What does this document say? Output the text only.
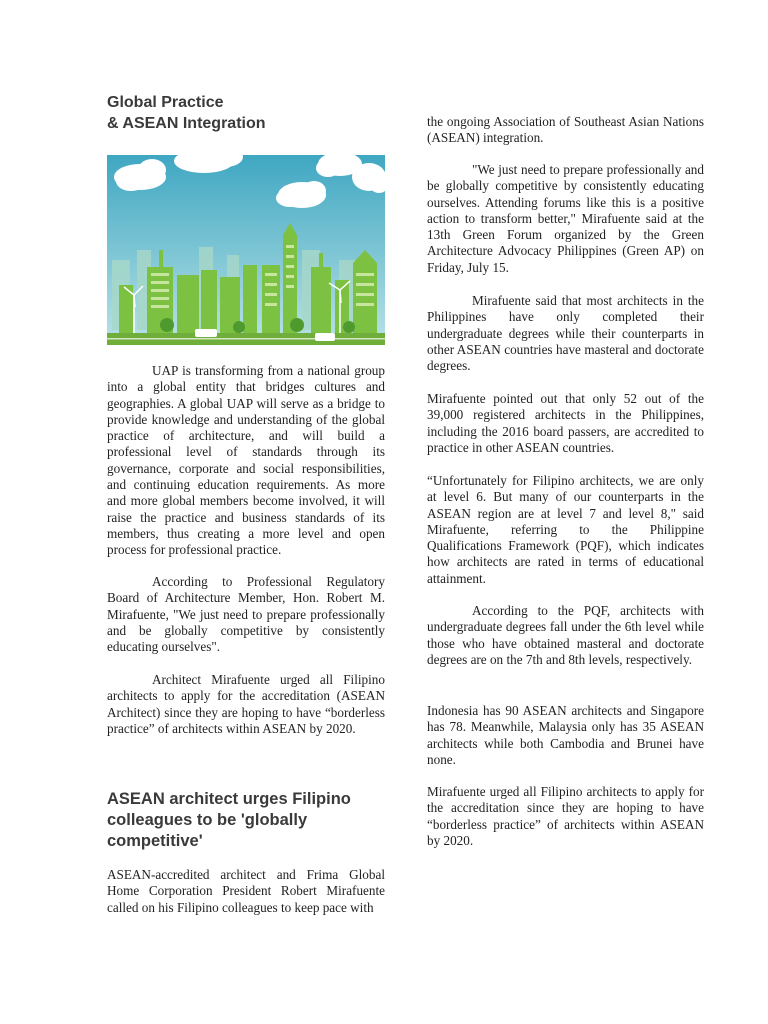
Global Practice
& ASEAN Integration

UAP is transforming from a national group into a global entity that bridges cultures and geographies. A global UAP will serve as a bridge to provide knowledge and understanding of the global practice of architecture, and will build a professional level of standards through its governance, corporate and social responsibilities, and continuing education requirements. As more and more global members become involved, it will raise the practice and business standards of its members, thus creating a more level and open process for professional practice.

According to Professional Regulatory Board of Architecture Member, Hon. Robert M. Mirafuente, "We just need to prepare professionally and be globally competitive by consistently educating ourselves".

Architect Mirafuente urged all Filipino architects to apply for the accreditation (ASEAN Architect) since they are hoping to have “borderless practice” of architects within ASEAN by 2020.

ASEAN architect urges Filipino colleagues to be 'globally competitive'

ASEAN-accredited architect and Frima Global Home Corporation President Robert Mirafuente called on his Filipino colleagues to keep pace with

the ongoing Association of Southeast Asian Nations (ASEAN) integration.

"We just need to prepare professionally and be globally competitive by consistently educating ourselves. Attending forums like this is a positive action to transform better," Mirafuente said at the 13th Green Forum organized by the Green Architecture Advocacy Philippines (Green AP) on Friday, July 15.

Mirafuente said that most architects in the Philippines have only completed their undergraduate degrees while their counterparts in other ASEAN countries have masteral and doctorate degrees.

Mirafuente pointed out that only 52 out of the 39,000 registered architects in the Philippines, including the 2016 board passers, are accredited to practice in other ASEAN countries.

“Unfortunately for Filipino architects, we are only at level 6. But many of our counterparts in the ASEAN region are at level 7 and level 8," said Mirafuente, referring to the Philippine Qualifications Framework (PQF), which indicates how architects are rated in terms of educational attainment.

According to the PQF, architects with undergraduate degrees fall under the 6th level while those who have obtained masteral and doctorate degrees are on the 7th and 8th levels, respectively.

Indonesia has 90 ASEAN architects and Singapore has 78. Meanwhile, Malaysia only has 35 ASEAN architects while both Cambodia and Brunei have none.

Mirafuente urged all Filipino architects to apply for the accreditation since they are hoping to have “borderless practice” of architects within ASEAN by 2020.
